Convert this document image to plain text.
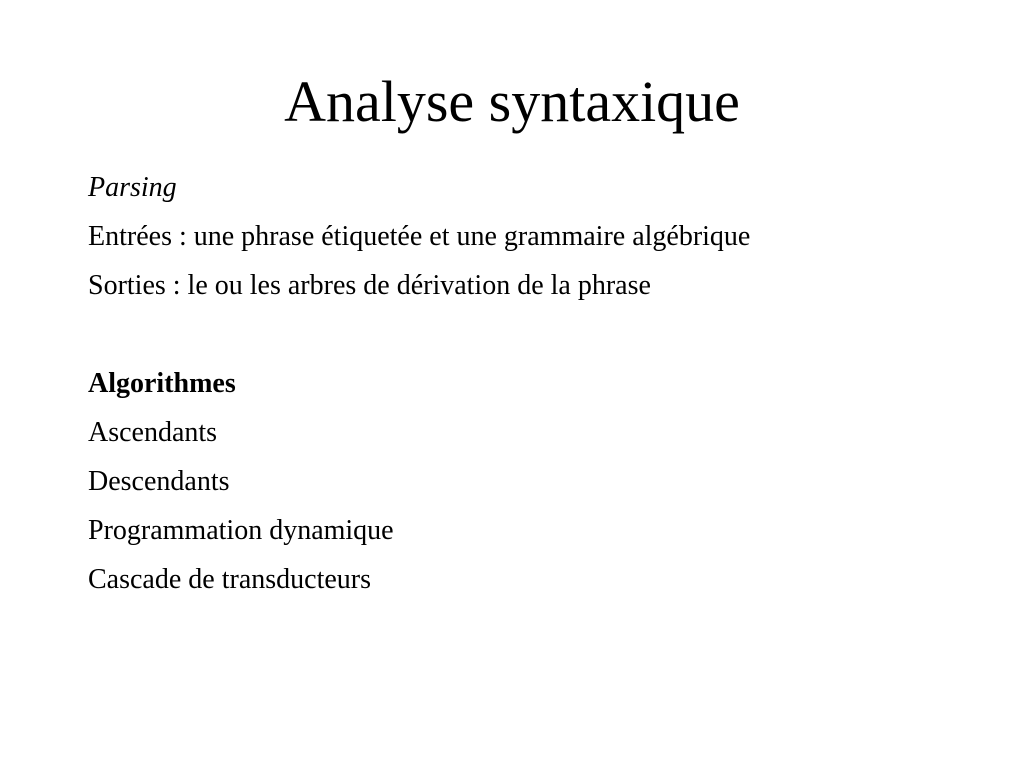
Analyse syntaxique
Parsing
Entrées : une phrase étiquetée et une grammaire algébrique
Sorties : le ou les arbres de dérivation de la phrase
Algorithmes
Ascendants
Descendants
Programmation dynamique
Cascade de transducteurs
